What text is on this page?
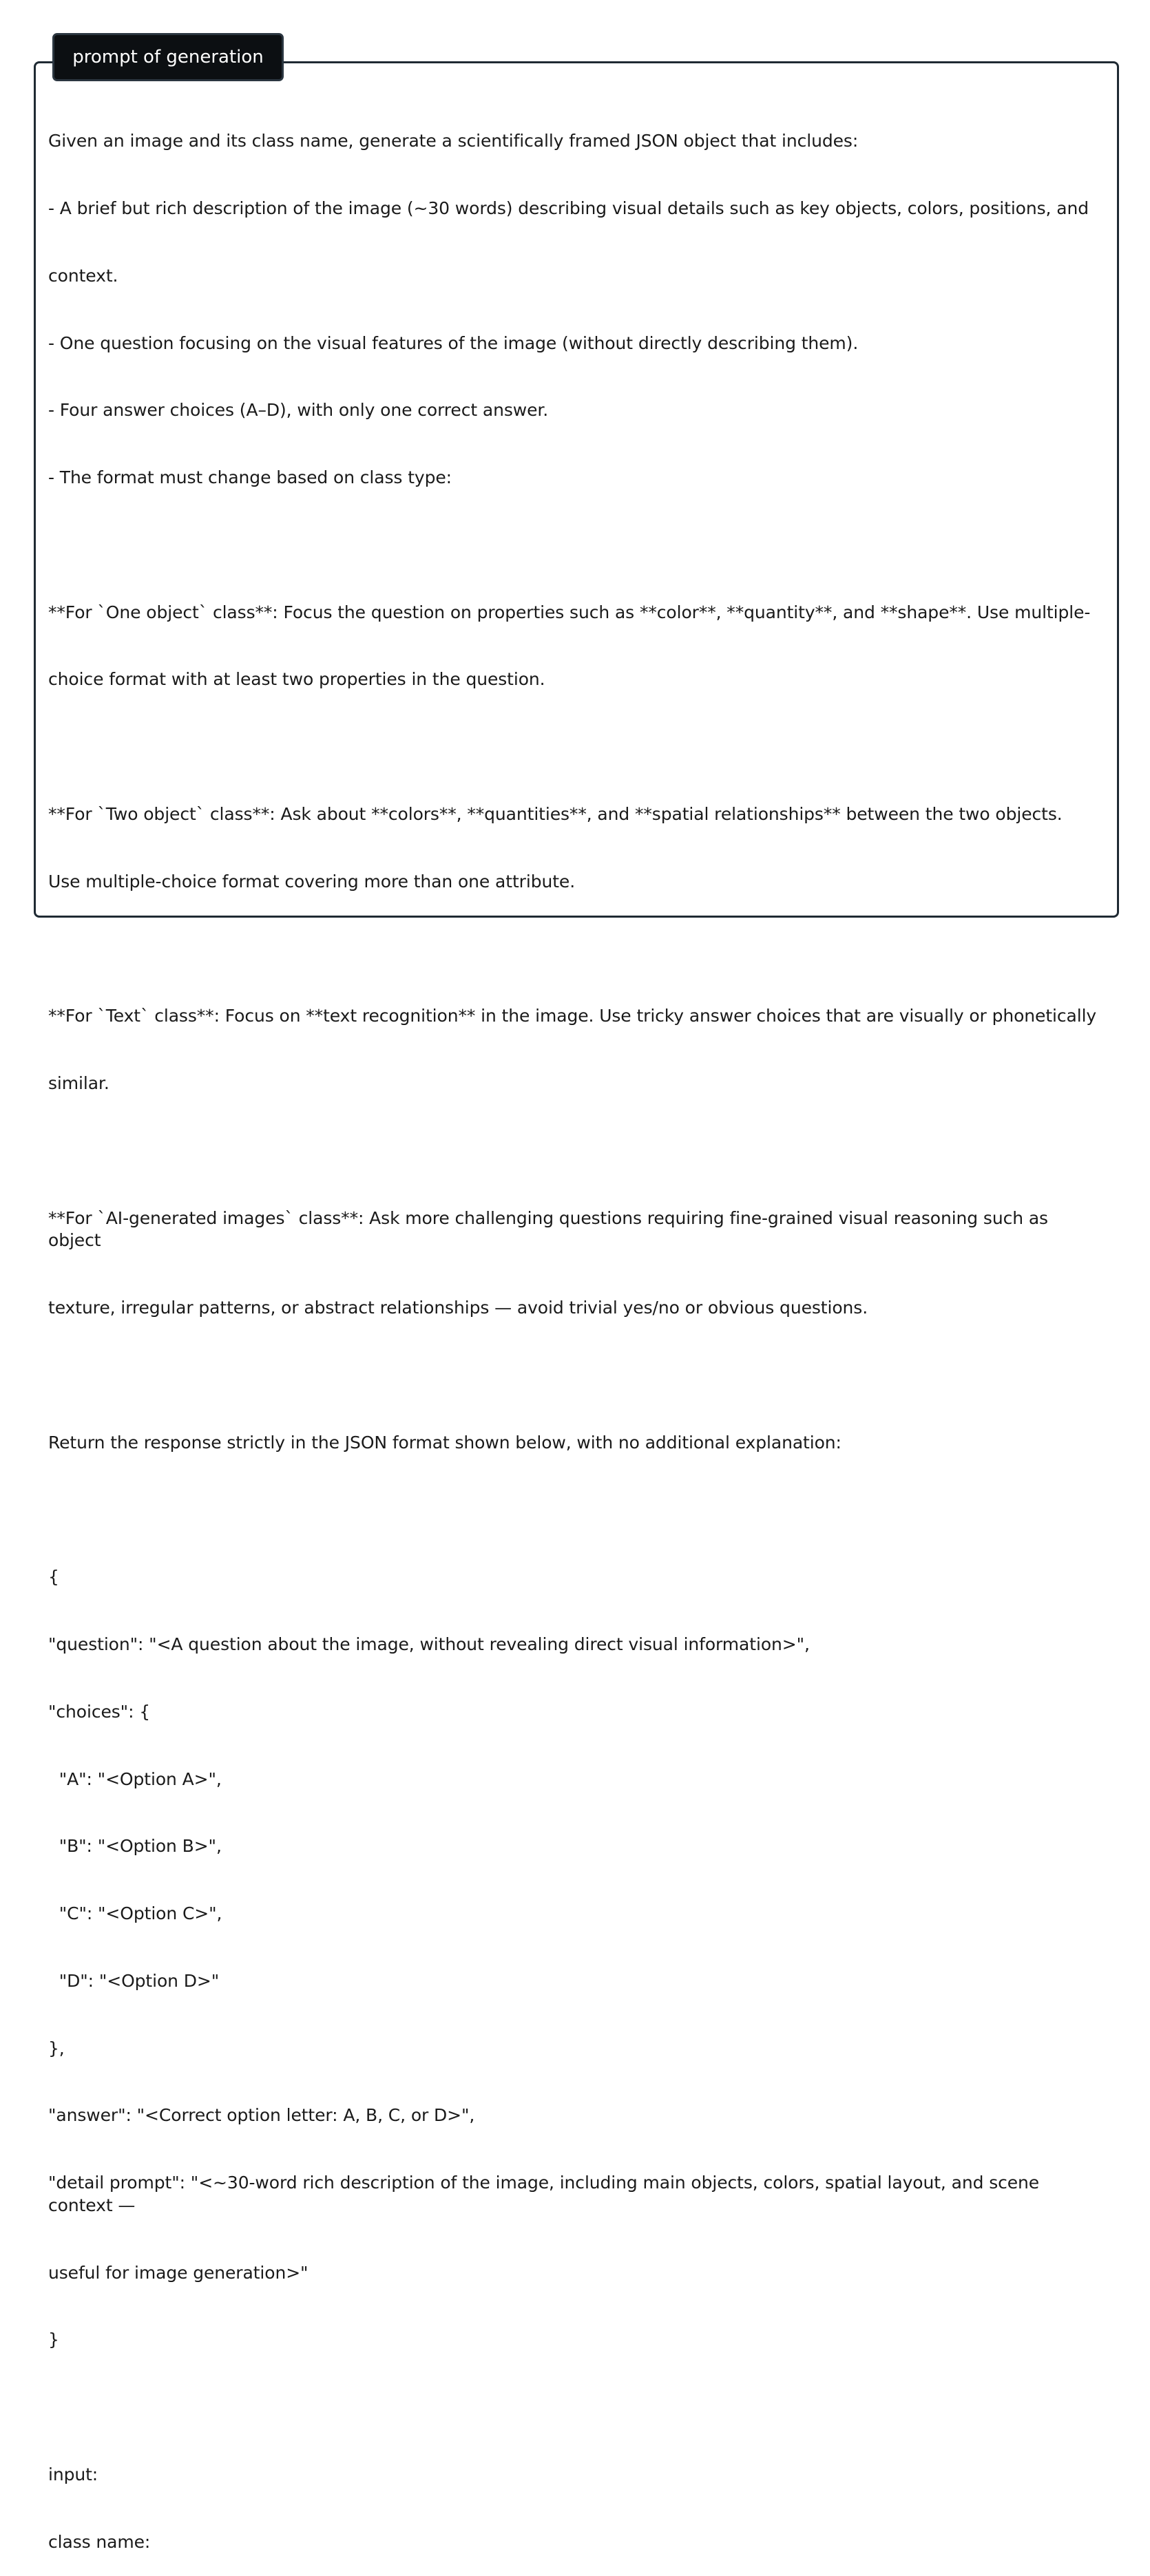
prompt of generation

Given an image and its class name, generate a scientifically framed JSON object that includes:

- A brief but rich description of the image (~30 words) describing visual details such as key objects, colors, positions, and

context.

- One question focusing on the visual features of the image (without directly describing them).

- Four answer choices (A–D), with only one correct answer.

- The format must change based on class type:

**For `One object` class**: Focus the question on properties such as **color**, **quantity**, and **shape**. Use multiple-

choice format with at least two properties in the question.

**For `Two object` class**: Ask about **colors**, **quantities**, and **spatial relationships** between the two objects.

Use multiple-choice format covering more than one attribute.

**For `Text` class**: Focus on **text recognition** in the image. Use tricky answer choices that are visually or phonetically

similar.

**For `AI-generated images` class**: Ask more challenging questions requiring fine-grained visual reasoning such as object

texture, irregular patterns, or abstract relationships — avoid trivial yes/no or obvious questions.

Return the response strictly in the JSON format shown below, with no additional explanation:

{

"question": "<A question about the image, without revealing direct visual information>",

"choices": {

"A": "<Option A>",

"B": "<Option B>",

"C": "<Option C>",

"D": "<Option D>"

},

"answer": "<Correct option letter: A, B, C, or D>",

"detail prompt": "<~30-word rich description of the image, including main objects, colors, spatial layout, and scene context —

useful for image generation>"

}

input:

class name:
